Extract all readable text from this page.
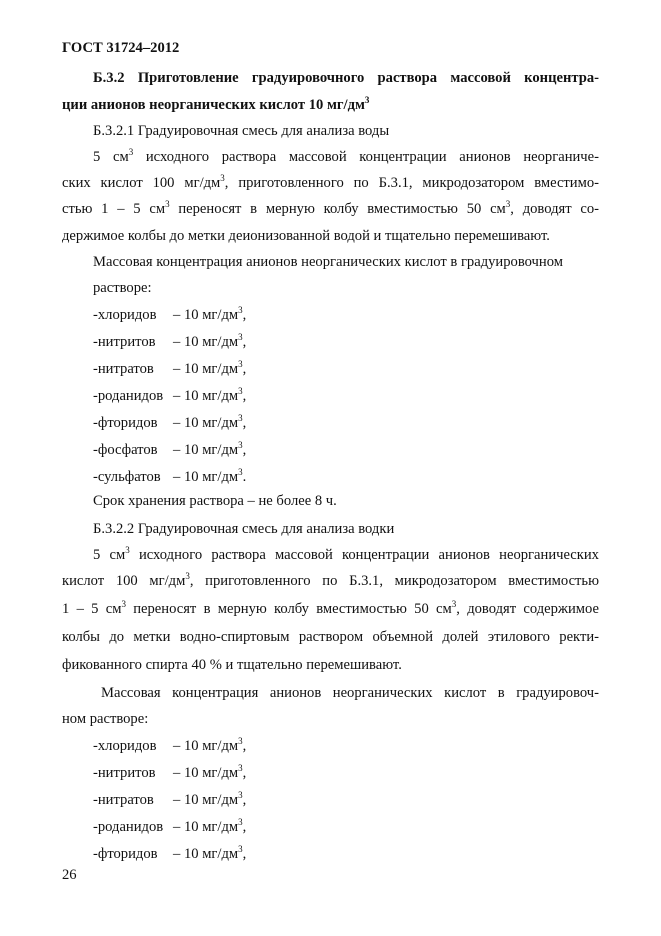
ГОСТ 31724–2012
Б.3.2 Приготовление градуировочного раствора массовой концентра-
ции анионов неорганических кислот 10 $мг/дм^3$
Б.3.2.1 Градуировочная смесь для анализа воды
5 $см^3$ исходного раствора массовой концентрации анионов неорганиче-
ских кислот 100 $мг/дм^3$, приготовленного по Б.3.1, микродозатором вместимо-
стью 1 – 5 $см^3$ переносят в мерную колбу вместимостью 50 $см^3$, доводят со-
держимое колбы до метки деионизованной водой и тщательно перемешивают.
Массовая концентрация анионов неорганических кислот в градуировочном
растворе:
-хлоридов – 10 $мг/дм^3$,
-нитритов – 10 $мг/дм^3$,
-нитратов – 10 $мг/дм^3$,
-роданидов – 10 $мг/дм^3$,
-фторидов – 10 $мг/дм^3$,
-фосфатов – 10 $мг/дм^3$,
-сульфатов – 10 $мг/дм^3$.
Срок хранения раствора – не более 8 ч.
Б.3.2.2 Градуировочная смесь для анализа водки
5 $см^3$ исходного раствора массовой концентрации анионов неорганических
кислот 100 $мг/дм^3$, приготовленного по Б.3.1, микродозатором вместимостью
1 – 5 $см^3$ переносят в мерную колбу вместимостью 50 $см^3$, доводят содержимое
колбы до метки водно-спиртовым раствором объемной долей этилового ректи-
фикованного спирта 40 % и тщательно перемешивают.
Массовая концентрация анионов неорганических кислот в градуировоч-
ном растворе:
-хлоридов – 10 $мг/дм^3$,
-нитритов – 10 $мг/дм^3$,
-нитратов – 10 $мг/дм^3$,
-роданидов – 10 $мг/дм^3$,
-фторидов – 10 $мг/дм^3$,
26
